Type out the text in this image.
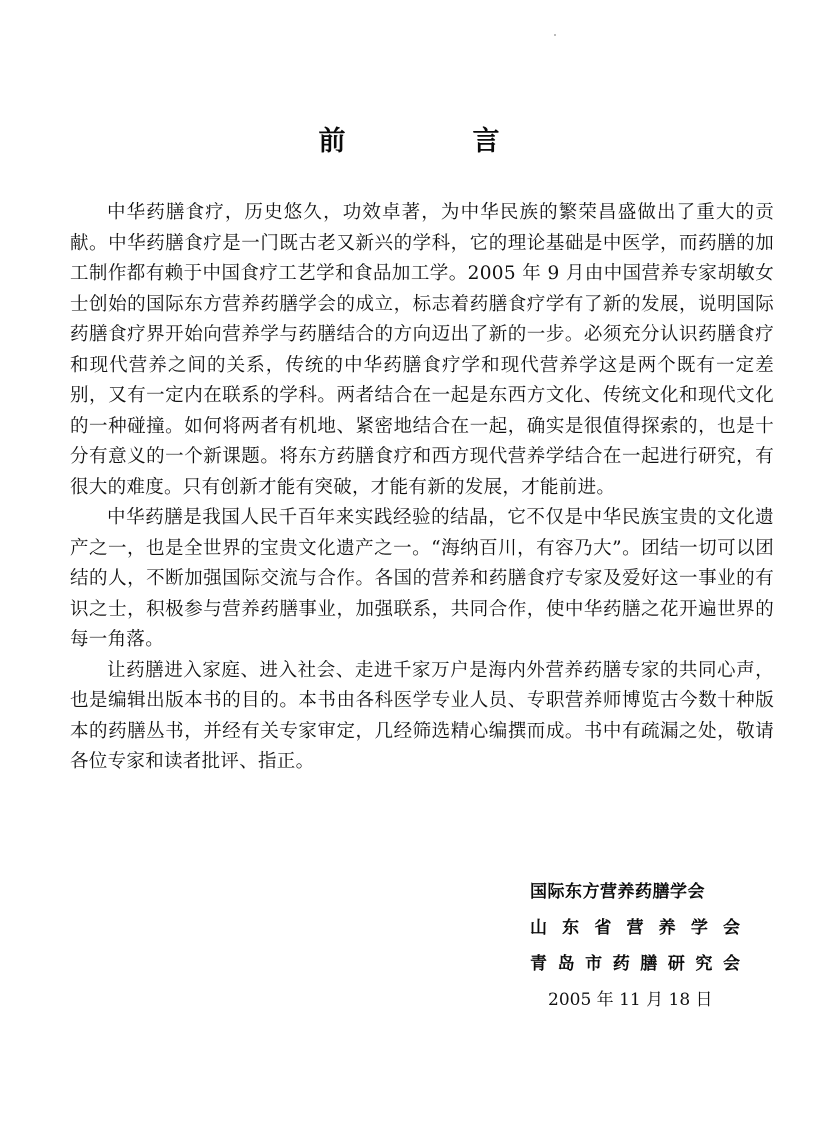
前　言

中华药膳食疗，历史悠久，功效卓著，为中华民族的繁荣昌盛做出了重大的贡献。中华药膳食疗是一门既古老又新兴的学科，它的理论基础是中医学，而药膳的加工制作都有赖于中国食疗工艺学和食品加工学。2005 年 9 月由中国营养专家胡敏女士创始的国际东方营养药膳学会的成立，标志着药膳食疗学有了新的发展，说明国际药膳食疗界开始向营养学与药膳结合的方向迈出了新的一步。必须充分认识药膳食疗和现代营养之间的关系，传统的中华药膳食疗学和现代营养学这是两个既有一定差别，又有一定内在联系的学科。两者结合在一起是东西方文化、传统文化和现代文化的一种碰撞。如何将两者有机地、紧密地结合在一起，确实是很值得探索的，也是十分有意义的一个新课题。将东方药膳食疗和西方现代营养学结合在一起进行研究，有很大的难度。只有创新才能有突破，才能有新的发展，才能前进。

中华药膳是我国人民千百年来实践经验的结晶，它不仅是中华民族宝贵的文化遗产之一，也是全世界的宝贵文化遗产之一。“海纳百川，有容乃大”。团结一切可以团结的人，不断加强国际交流与合作。各国的营养和药膳食疗专家及爱好这一事业的有识之士，积极参与营养药膳事业，加强联系，共同合作，使中华药膳之花开遍世界的每一角落。

让药膳进入家庭、进入社会、走进千家万户是海内外营养药膳专家的共同心声，也是编辑出版本书的目的。本书由各科医学专业人员、专职营养师博览古今数十种版本的药膳丛书，并经有关专家审定，几经筛选精心编撰而成。书中有疏漏之处，敬请各位专家和读者批评、指正。

国际东方营养药膳学会
山东省营养学会
青岛市药膳研究会
2005 年 11 月 18 日
